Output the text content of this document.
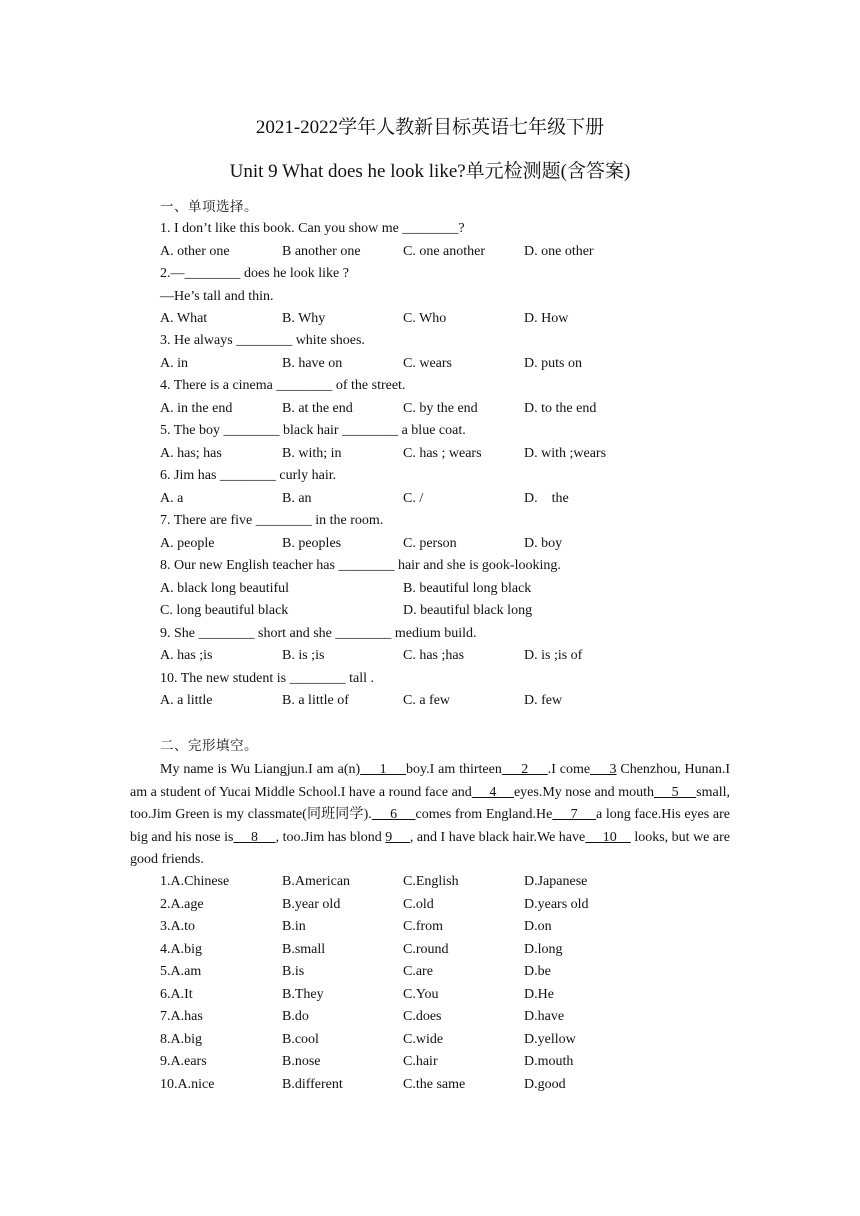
2021-2022学年人教新目标英语七年级下册
Unit 9 What does he look like?单元检测题(含答案)
一、单项选择。
1. I don’t like this book. Can you show me ________?
A. other one	B another one	C. one another	D. one other
2.—________ does he look like ?
—He’s tall and thin.
A. What	B. Why	C. Who	D. How
3. He always ________ white shoes.
A. in	B. have on	C. wears	D. puts on
4. There is a cinema ________ of the street.
A. in the end	B. at the end	C. by the end	D. to the end
5. The boy ________ black hair ________ a blue coat.
A. has; has	B. with; in	C. has ; wears	D. with ;wears
6. Jim has ________ curly hair.
A. a	B. an	C. /	D.　the
7. There are five ________ in the room.
A. people	B. peoples	C. person	D. boy
8. Our new English teacher has ________ hair and she is gook-looking.
A. black long beautiful	B. beautiful long black
C. long beautiful black	D. beautiful black long
9. She ________ short and she ________ medium build.
A. has ;is	B. is ;is	C. has ;has	D. is ;is of
10. The new student is ________ tall .
A. a little	B. a little of	C. a few	D. few
二、完形填空。

My name is Wu Liangjun.I am a(n)     1     boy.I am thirteen     2     .I come     3 Chenzhou, Hunan.I am a student of Yucai Middle School.I have a round face and     4     eyes.My nose and mouth     5     small, too.Jim Green is my classmate(同班同学).     6     comes from England.He     7     a long face.His eyes are big and his nose is     8     , too.Jim has blond 9     , and I have black hair.We have     10     looks, but we are good friends.

1.A.Chinese	B.American	C.English	D.Japanese
2.A.age	B.year old	C.old	D.years old
3.A.to	B.in	C.from	D.on
4.A.big	B.small	C.round	D.long
5.A.am	B.is	C.are	D.be
6.A.It	B.They	C.You	D.He
7.A.has	B.do	C.does	D.have
8.A.big	B.cool	C.wide	D.yellow
9.A.ears	B.nose	C.hair	D.mouth
10.A.nice	B.different	C.the same	D.good
